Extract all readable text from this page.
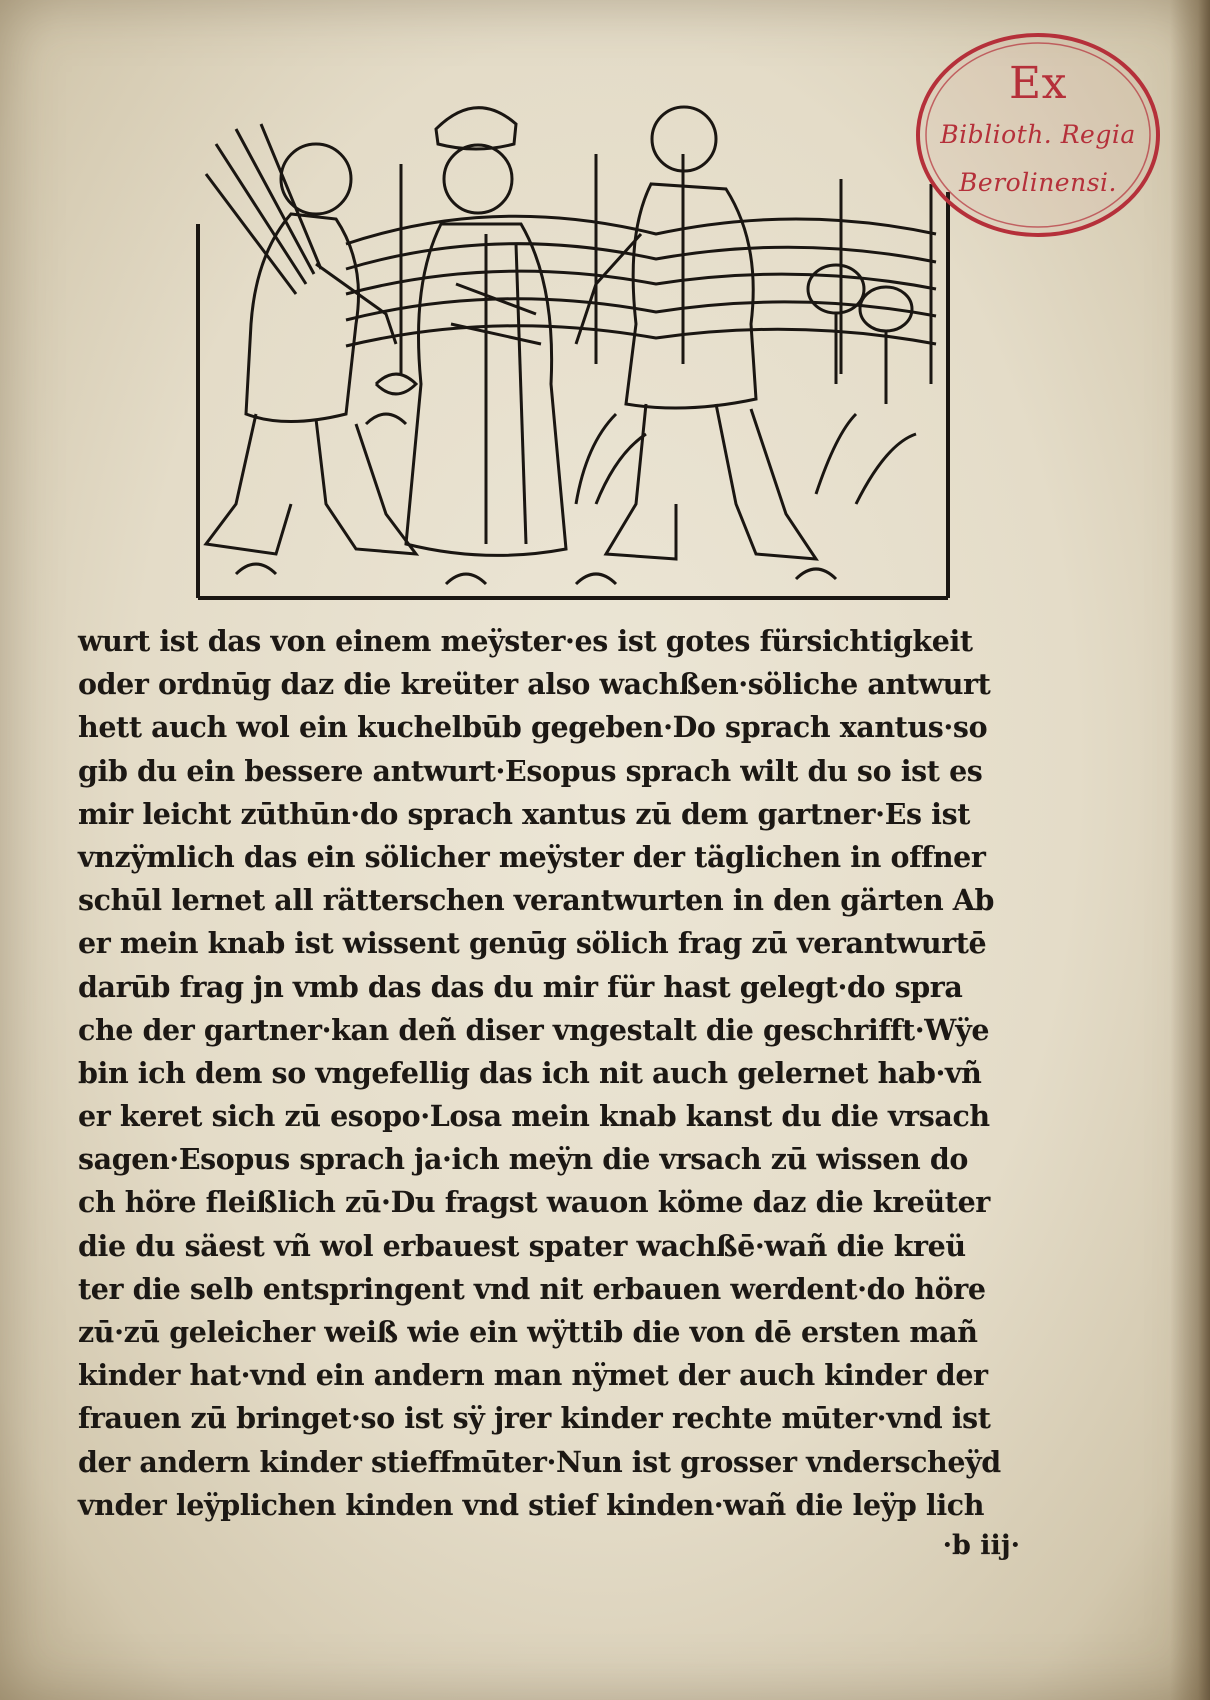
Ex
Biblioth. Regia
Berolinensi.
wurt ist das von einem meÿster·es ist gotes fürsichtigkeit
oder ordnūg daz die kreüter also wachßen·söliche antwurt
hett auch wol ein kuchelbūb gegeben·Do sprach xantus·so
gib du ein bessere antwurt·Esopus sprach wilt du so ist es
mir leicht zūthūn·do sprach xantus zū dem gartner·Es ist
vnzÿmlich das ein sölicher meÿster der täglichen in offner
schūl lernet all rätterschen verantwurten in den gärten Ab
er mein knab ist wissent genūg sölich frag zū verantwurtē
darūb frag jn vmb das das du mir für hast gelegt·do spra
che der gartner·kan deñ diser vngestalt die geschrifft·Wÿe
bin ich dem so vngefellig das ich nit auch gelernet hab·vñ
er keret sich zū esopo·Losa mein knab kanst du die vrsach
sagen·Esopus sprach ja·ich meÿn die vrsach zū wissen do
ch höre fleißlich zū·Du fragst wauon köme daz die kreüter
die du säest vñ wol erbauest spater wachßē·wañ die kreü
ter die selb entspringent vnd nit erbauen werdent·do höre
zū·zū geleicher weiß wie ein wÿttib die von dē ersten mañ
kinder hat·vnd ein andern man nÿmet der auch kinder der
frauen zū bringet·so ist sÿ jrer kinder rechte mūter·vnd ist
der andern kinder stieffmūter·Nun ist grosser vnderscheÿd
vnder leÿplichen kinden vnd stief kinden·wañ die leÿp lich
·b iij·
